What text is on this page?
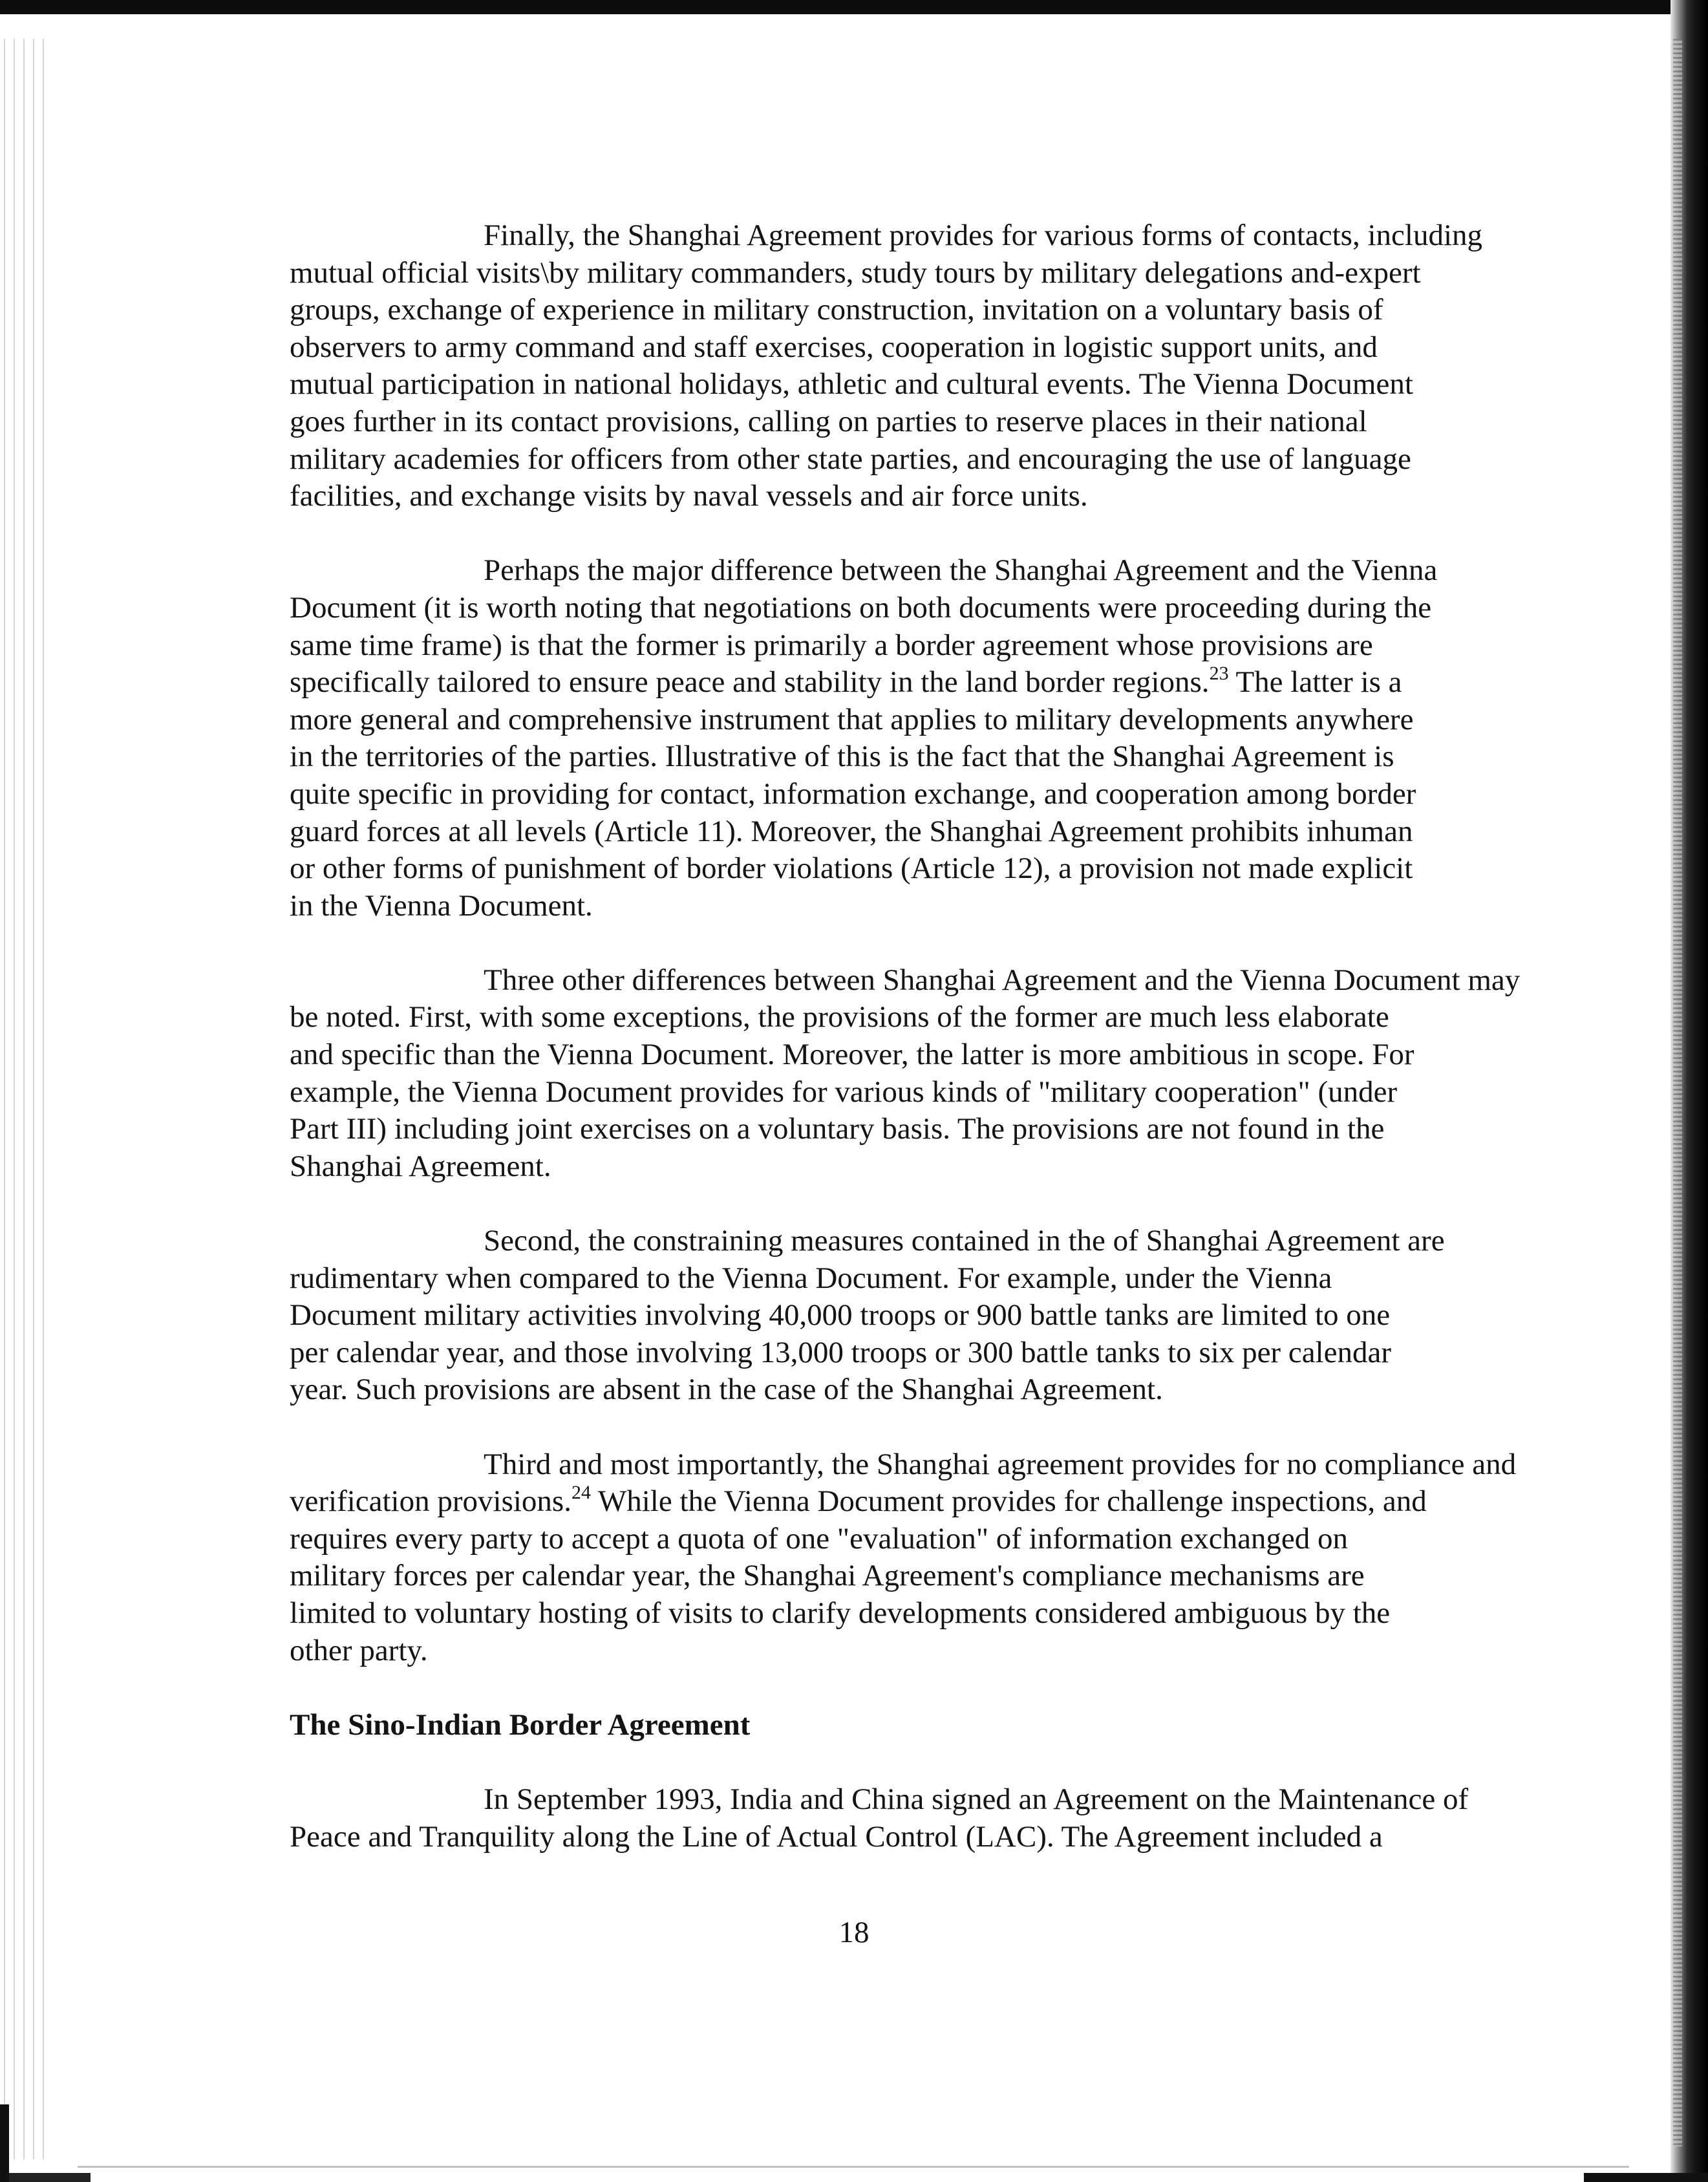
Finally, the Shanghai Agreement provides for various forms of contacts, including
mutual official visits\by military commanders, study tours by military delegations and-expert
groups, exchange of experience in military construction, invitation on a voluntary basis of
observers to army command and staff exercises, cooperation in logistic support units, and
mutual participation in national holidays, athletic and cultural events. The Vienna Document
goes further in its contact provisions, calling on parties to reserve places in their national
military academies for officers from other state parties, and encouraging the use of language
facilities, and exchange visits by naval vessels and air force units.

Perhaps the major difference between the Shanghai Agreement and the Vienna
Document (it is worth noting that negotiations on both documents were proceeding during the
same time frame) is that the former is primarily a border agreement whose provisions are
specifically tailored to ensure peace and stability in the land border regions.$^{23}$ The latter is a
more general and comprehensive instrument that applies to military developments anywhere
in the territories of the parties. Illustrative of this is the fact that the Shanghai Agreement is
quite specific in providing for contact, information exchange, and cooperation among border
guard forces at all levels (Article 11). Moreover, the Shanghai Agreement prohibits inhuman
or other forms of punishment of border violations (Article 12), a provision not made explicit
in the Vienna Document.

Three other differences between Shanghai Agreement and the Vienna Document may
be noted. First, with some exceptions, the provisions of the former are much less elaborate
and specific than the Vienna Document. Moreover, the latter is more ambitious in scope. For
example, the Vienna Document provides for various kinds of "military cooperation" (under
Part III) including joint exercises on a voluntary basis. The provisions are not found in the
Shanghai Agreement.

Second, the constraining measures contained in the of Shanghai Agreement are
rudimentary when compared to the Vienna Document. For example, under the Vienna
Document military activities involving 40,000 troops or 900 battle tanks are limited to one
per calendar year, and those involving 13,000 troops or 300 battle tanks to six per calendar
year. Such provisions are absent in the case of the Shanghai Agreement.

Third and most importantly, the Shanghai agreement provides for no compliance and
verification provisions.$^{24}$ While the Vienna Document provides for challenge inspections, and
requires every party to accept a quota of one "evaluation" of information exchanged on
military forces per calendar year, the Shanghai Agreement's compliance mechanisms are
limited to voluntary hosting of visits to clarify developments considered ambiguous by the
other party.

The Sino-Indian Border Agreement

In September 1993, India and China signed an Agreement on the Maintenance of
Peace and Tranquility along the Line of Actual Control (LAC). The Agreement included a

18
